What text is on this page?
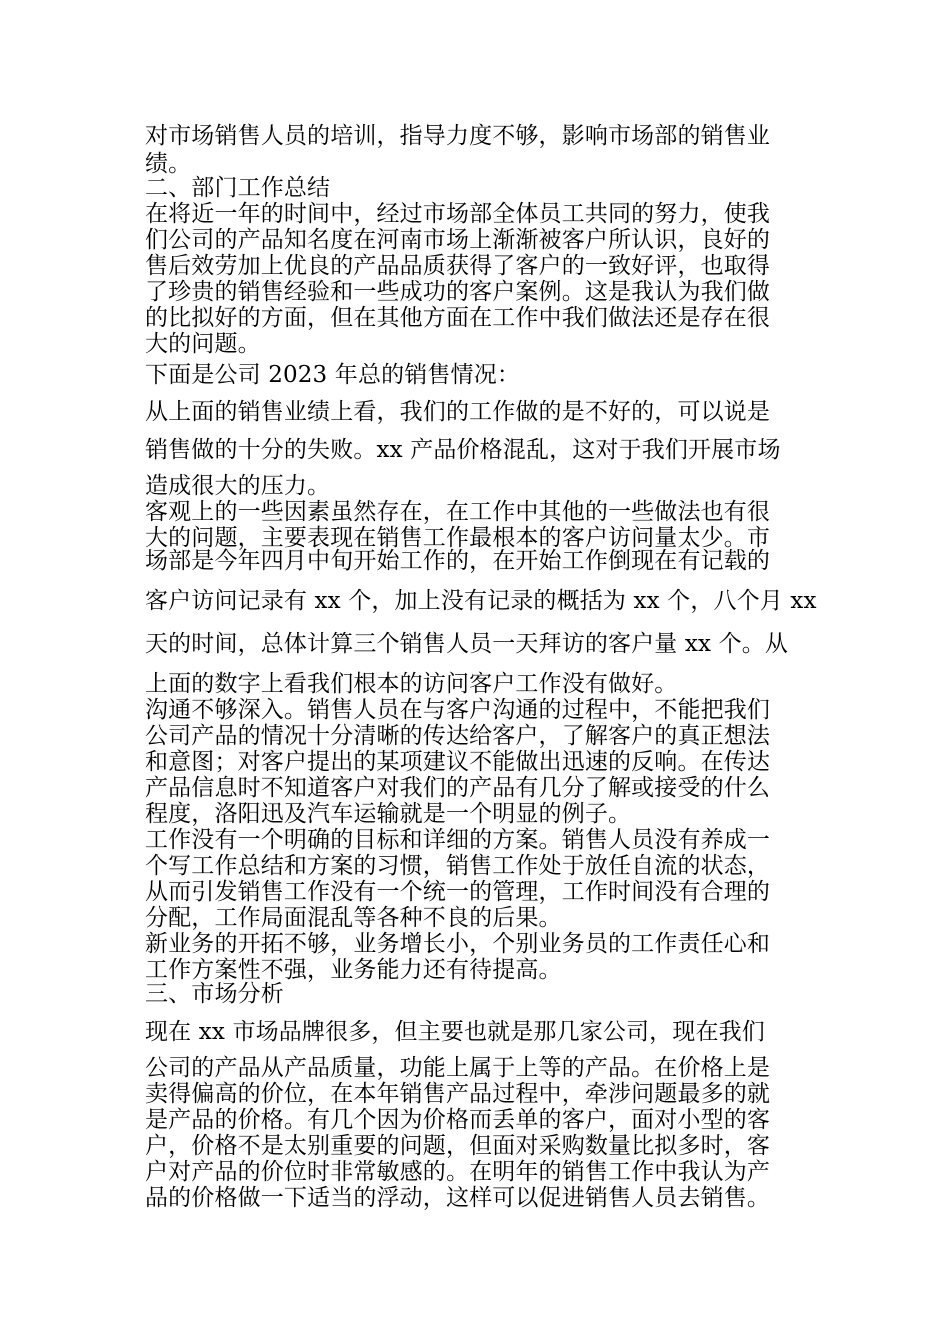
对市场销售人员的培训，指导力度不够，影响市场部的销售业

绩。

二、部门工作总结

在将近一年的时间中，经过市场部全体员工共同的努力，使我

们公司的产品知名度在河南市场上渐渐被客户所认识，良好的

售后效劳加上优良的产品品质获得了客户的一致好评，也取得

了珍贵的销售经验和一些成功的客户案例。这是我认为我们做

的比拟好的方面，但在其他方面在工作中我们做法还是存在很

大的问题。

下面是公司 2023 年总的销售情况：

从上面的销售业绩上看，我们的工作做的是不好的，可以说是

销售做的十分的失败。xx 产品价格混乱，这对于我们开展市场

造成很大的压力。

客观上的一些因素虽然存在，在工作中其他的一些做法也有很

大的问题，主要表现在销售工作最根本的客户访问量太少。市

场部是今年四月中旬开始工作的，在开始工作倒现在有记载的

客户访问记录有 xx 个，加上没有记录的概括为 xx 个，八个月 xx

天的时间，总体计算三个销售人员一天拜访的客户量 xx 个。从

上面的数字上看我们根本的访问客户工作没有做好。

沟通不够深入。销售人员在与客户沟通的过程中，不能把我们

公司产品的情况十分清晰的传达给客户，了解客户的真正想法

和意图；对客户提出的某项建议不能做出迅速的反响。在传达

产品信息时不知道客户对我们的产品有几分了解或接受的什么

程度，洛阳迅及汽车运输就是一个明显的例子。

工作没有一个明确的目标和详细的方案。销售人员没有养成一

个写工作总结和方案的习惯，销售工作处于放任自流的状态，

从而引发销售工作没有一个统一的管理，工作时间没有合理的

分配，工作局面混乱等各种不良的后果。

新业务的开拓不够，业务增长小，个别业务员的工作责任心和

工作方案性不强，业务能力还有待提高。

三、市场分析

现在 xx 市场品牌很多，但主要也就是那几家公司，现在我们

公司的产品从产品质量，功能上属于上等的产品。在价格上是

卖得偏高的价位，在本年销售产品过程中，牵涉问题最多的就

是产品的价格。有几个因为价格而丢单的客户，面对小型的客

户，价格不是太别重要的问题，但面对采购数量比拟多时，客

户对产品的价位时非常敏感的。在明年的销售工作中我认为产

品的价格做一下适当的浮动，这样可以促进销售人员去销售。
